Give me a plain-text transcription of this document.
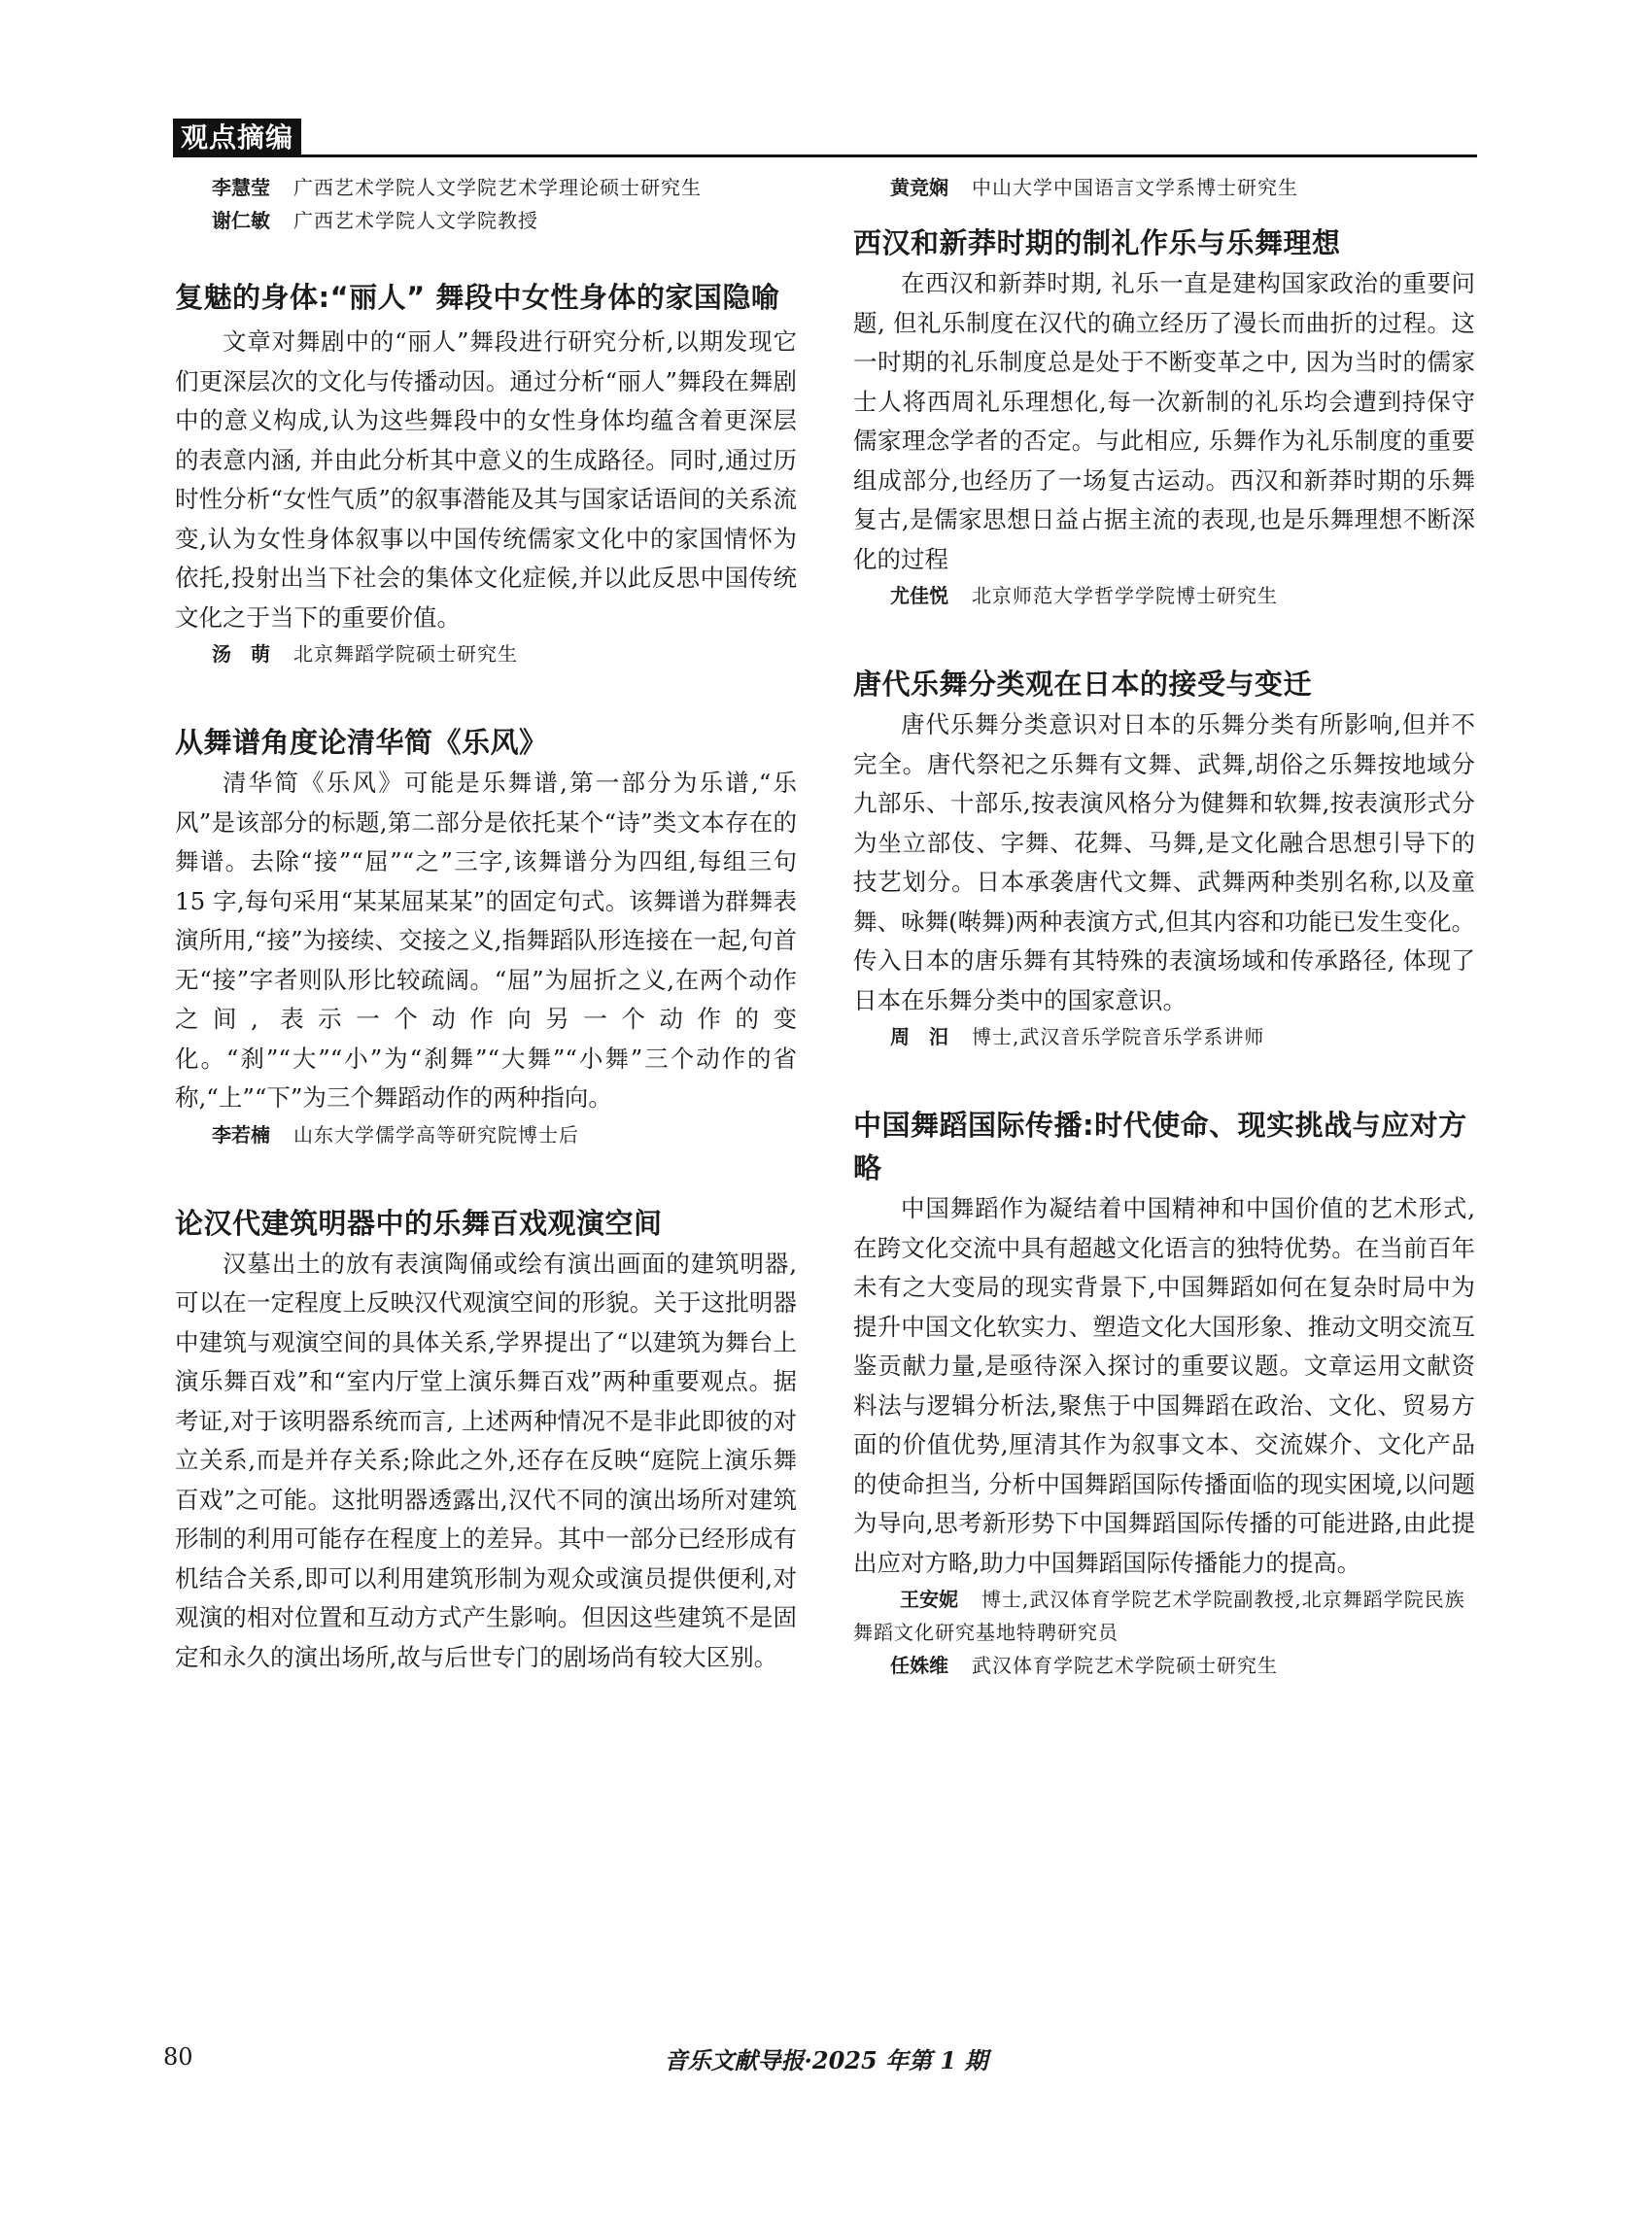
观点摘编

李慧莹 广西艺术学院人文学院艺术学理论硕士研究生

谢仁敏 广西艺术学院人文学院教授

复魅的身体:“丽人” 舞段中女性身体的家国隐喻

文章对舞剧中的“丽人”舞段进行研究分析,以期发现它们更深层次的文化与传播动因。通过分析“丽人”舞段在舞剧中的意义构成,认为这些舞段中的女性身体均蕴含着更深层的表意内涵, 并由此分析其中意义的生成路径。同时,通过历时性分析“女性气质”的叙事潜能及其与国家话语间的关系流变,认为女性身体叙事以中国传统儒家文化中的家国情怀为依托,投射出当下社会的集体文化症候,并以此反思中国传统文化之于当下的重要价值。

汤　萌 北京舞蹈学院硕士研究生

从舞谱角度论清华简《乐风》

清华简《乐风》可能是乐舞谱,第一部分为乐谱,“乐风”是该部分的标题,第二部分是依托某个“诗”类文本存在的舞谱。去除“接”“屈”“之”三字,该舞谱分为四组,每组三句 15 字,每句采用“某某屈某某”的固定句式。该舞谱为群舞表演所用,“接”为接续、交接之义,指舞蹈队形连接在一起,句首无“接”字者则队形比较疏阔。“屈”为屈折之义,在两个动作之间, 表示一个动作向另一个动作的变化。“刹”“大”“小”为“刹舞”“大舞”“小舞”三个动作的省称,“上”“下”为三个舞蹈动作的两种指向。

李若楠 山东大学儒学高等研究院博士后

论汉代建筑明器中的乐舞百戏观演空间

汉墓出土的放有表演陶俑或绘有演出画面的建筑明器, 可以在一定程度上反映汉代观演空间的形貌。关于这批明器中建筑与观演空间的具体关系,学界提出了“以建筑为舞台上演乐舞百戏”和“室内厅堂上演乐舞百戏”两种重要观点。据考证,对于该明器系统而言, 上述两种情况不是非此即彼的对立关系,而是并存关系;除此之外,还存在反映“庭院上演乐舞百戏”之可能。这批明器透露出,汉代不同的演出场所对建筑形制的利用可能存在程度上的差异。其中一部分已经形成有机结合关系,即可以利用建筑形制为观众或演员提供便利,对观演的相对位置和互动方式产生影响。但因这些建筑不是固定和永久的演出场所,故与后世专门的剧场尚有较大区别。

黄竞娴 中山大学中国语言文学系博士研究生

西汉和新莽时期的制礼作乐与乐舞理想

在西汉和新莽时期, 礼乐一直是建构国家政治的重要问题, 但礼乐制度在汉代的确立经历了漫长而曲折的过程。这一时期的礼乐制度总是处于不断变革之中, 因为当时的儒家士人将西周礼乐理想化,每一次新制的礼乐均会遭到持保守儒家理念学者的否定。与此相应, 乐舞作为礼乐制度的重要组成部分,也经历了一场复古运动。西汉和新莽时期的乐舞复古,是儒家思想日益占据主流的表现,也是乐舞理想不断深化的过程

尤佳悦 北京师范大学哲学学院博士研究生

唐代乐舞分类观在日本的接受与变迁

唐代乐舞分类意识对日本的乐舞分类有所影响,但并不完全。唐代祭祀之乐舞有文舞、武舞,胡俗之乐舞按地域分九部乐、十部乐,按表演风格分为健舞和软舞,按表演形式分为坐立部伎、字舞、花舞、马舞,是文化融合思想引导下的技艺划分。日本承袭唐代文舞、武舞两种类别名称,以及童舞、咏舞(啭舞)两种表演方式,但其内容和功能已发生变化。传入日本的唐乐舞有其特殊的表演场域和传承路径, 体现了日本在乐舞分类中的国家意识。

周　汨 博士,武汉音乐学院音乐学系讲师

中国舞蹈国际传播:时代使命、现实挑战与应对方略

中国舞蹈作为凝结着中国精神和中国价值的艺术形式, 在跨文化交流中具有超越文化语言的独特优势。在当前百年未有之大变局的现实背景下,中国舞蹈如何在复杂时局中为提升中国文化软实力、塑造文化大国形象、推动文明交流互鉴贡献力量,是亟待深入探讨的重要议题。文章运用文献资料法与逻辑分析法,聚焦于中国舞蹈在政治、文化、贸易方面的价值优势,厘清其作为叙事文本、交流媒介、文化产品的使命担当, 分析中国舞蹈国际传播面临的现实困境,以问题为导向,思考新形势下中国舞蹈国际传播的可能进路,由此提出应对方略,助力中国舞蹈国际传播能力的提高。

王安妮 博士,武汉体育学院艺术学院副教授,北京舞蹈学院民族舞蹈文化研究基地特聘研究员

任姝维 武汉体育学院艺术学院硕士研究生

80	音乐文献导报·2025 年第 1 期
